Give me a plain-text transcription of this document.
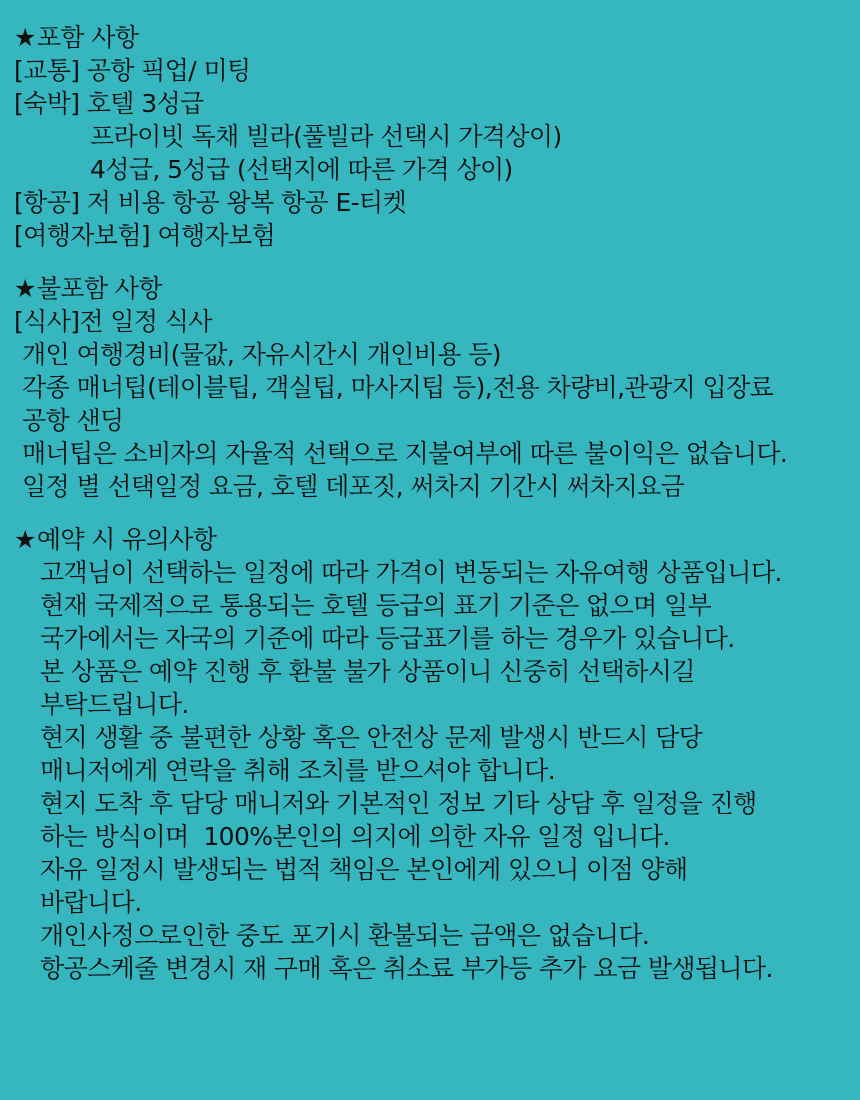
★포함 사항
[교통] 공항 픽업/ 미팅
[숙박] 호텔 3성급
프라이빗 독채 빌라(풀빌라 선택시 가격상이)
4성급, 5성급 (선택지에 따른 가격 상이)
[항공] 저 비용 항공 왕복 항공 E-티켓
[여행자보험] 여행자보험
★불포함 사항
[식사]전 일정 식사
개인 여행경비(물값, 자유시간시 개인비용 등)
각종 매너팁(테이블팁, 객실팁, 마사지팁 등),전용 차량비,관광지 입장료
공항 샌딩
매너팁은 소비자의 자율적 선택으로 지불여부에 따른 불이익은 없습니다.
일정 별 선택일정 요금, 호텔 데포짓, 써차지 기간시 써차지요금
★예약 시 유의사항
고객님이 선택하는 일정에 따라 가격이 변동되는 자유여행 상품입니다.
현재 국제적으로 통용되는 호텔 등급의 표기 기준은 없으며 일부
국가에서는 자국의 기준에 따라 등급표기를 하는 경우가 있습니다.
본 상품은 예약 진행 후 환불 불가 상품이니 신중히 선택하시길
부탁드립니다.
현지 생활 중 불편한 상황 혹은 안전상 문제 발생시 반드시 담당
매니저에게 연락을 취해 조치를 받으셔야 합니다.
현지 도착 후 담당 매니저와 기본적인 정보 기타 상담 후 일정을 진행
하는 방식이며  100%본인의 의지에 의한 자유 일정 입니다.
자유 일정시 발생되는 법적 책임은 본인에게 있으니 이점 양해
바랍니다.
개인사정으로인한 중도 포기시 환불되는 금액은 없습니다.
항공스케줄 변경시 재 구매 혹은 취소료 부가등 추가 요금 발생됩니다.
